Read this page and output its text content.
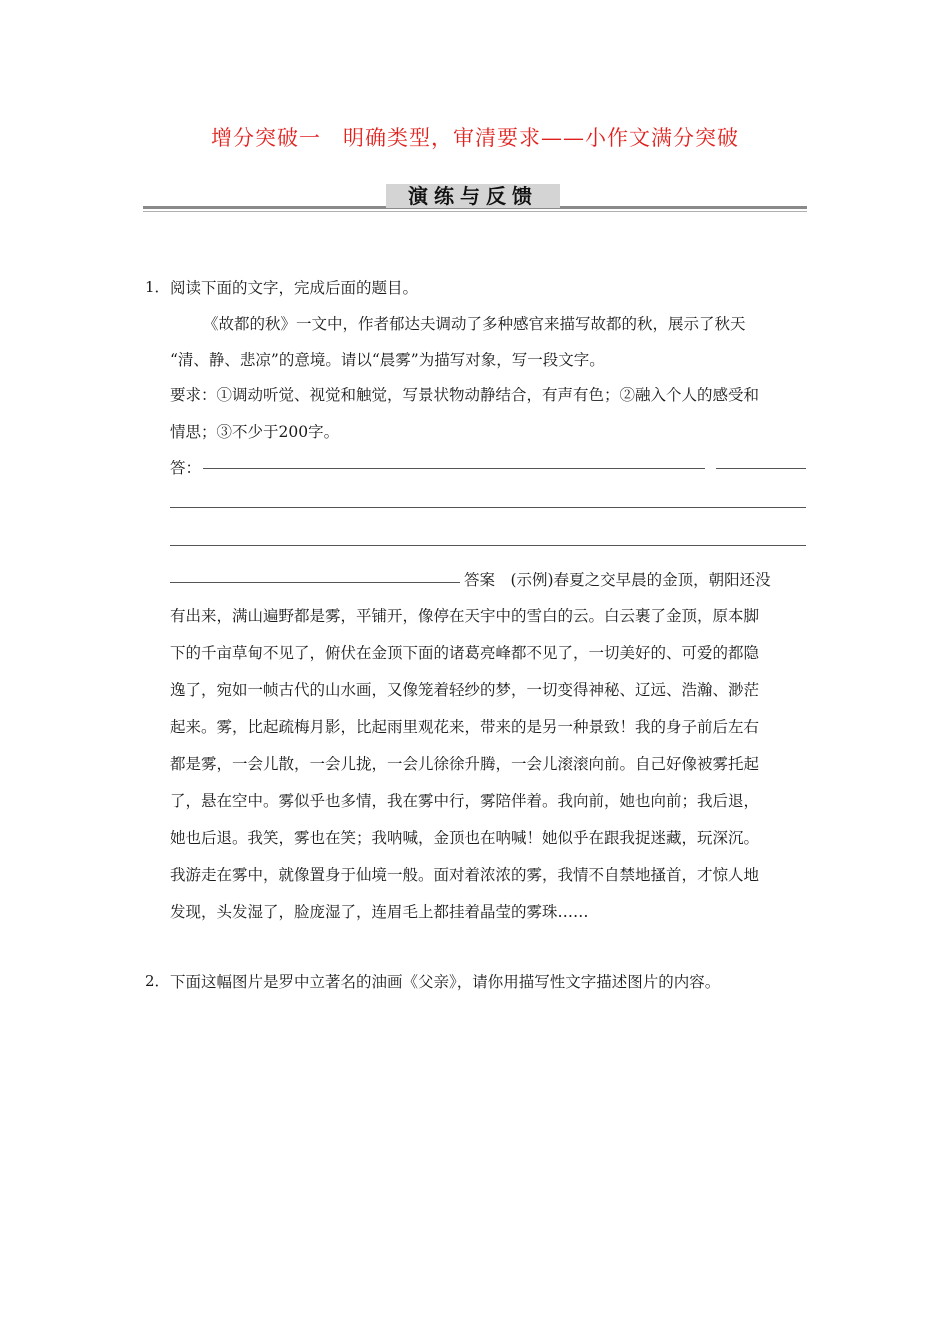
增分突破一　明确类型，审清要求——小作文满分突破
演练与反馈
1． 阅读下面的文字，完成后面的题目。
《故都的秋》一文中，作者郁达夫调动了多种感官来描写故都的秋，展示了秋天
“清、静、悲凉”的意境。请以“晨雾”为描写对象，写一段文字。
要求：①调动听觉、视觉和触觉，写景状物动静结合，有声有色；②融入个人的感受和
情思；③不少于200字。
答：
答案　(示例)春夏之交早晨的金顶，朝阳还没
有出来，满山遍野都是雾，平铺开，像停在天宇中的雪白的云。白云裹了金顶，原本脚
下的千亩草甸不见了，俯伏在金顶下面的诸葛亮峰都不见了，一切美好的、可爱的都隐
逸了，宛如一帧古代的山水画，又像笼着轻纱的梦，一切变得神秘、辽远、浩瀚、渺茫
起来。雾，比起疏梅月影，比起雨里观花来，带来的是另一种景致！我的身子前后左右
都是雾，一会儿散，一会儿拢，一会儿徐徐升腾，一会儿滚滚向前。自己好像被雾托起
了，悬在空中。雾似乎也多情，我在雾中行，雾陪伴着。我向前，她也向前；我后退，
她也后退。我笑，雾也在笑；我呐喊，金顶也在呐喊！她似乎在跟我捉迷藏，玩深沉。
我游走在雾中，就像置身于仙境一般。面对着浓浓的雾，我情不自禁地搔首，才惊人地
发现，头发湿了，脸庞湿了，连眉毛上都挂着晶莹的雾珠……
2． 下面这幅图片是罗中立著名的油画《父亲》，请你用描写性文字描述图片的内容。
